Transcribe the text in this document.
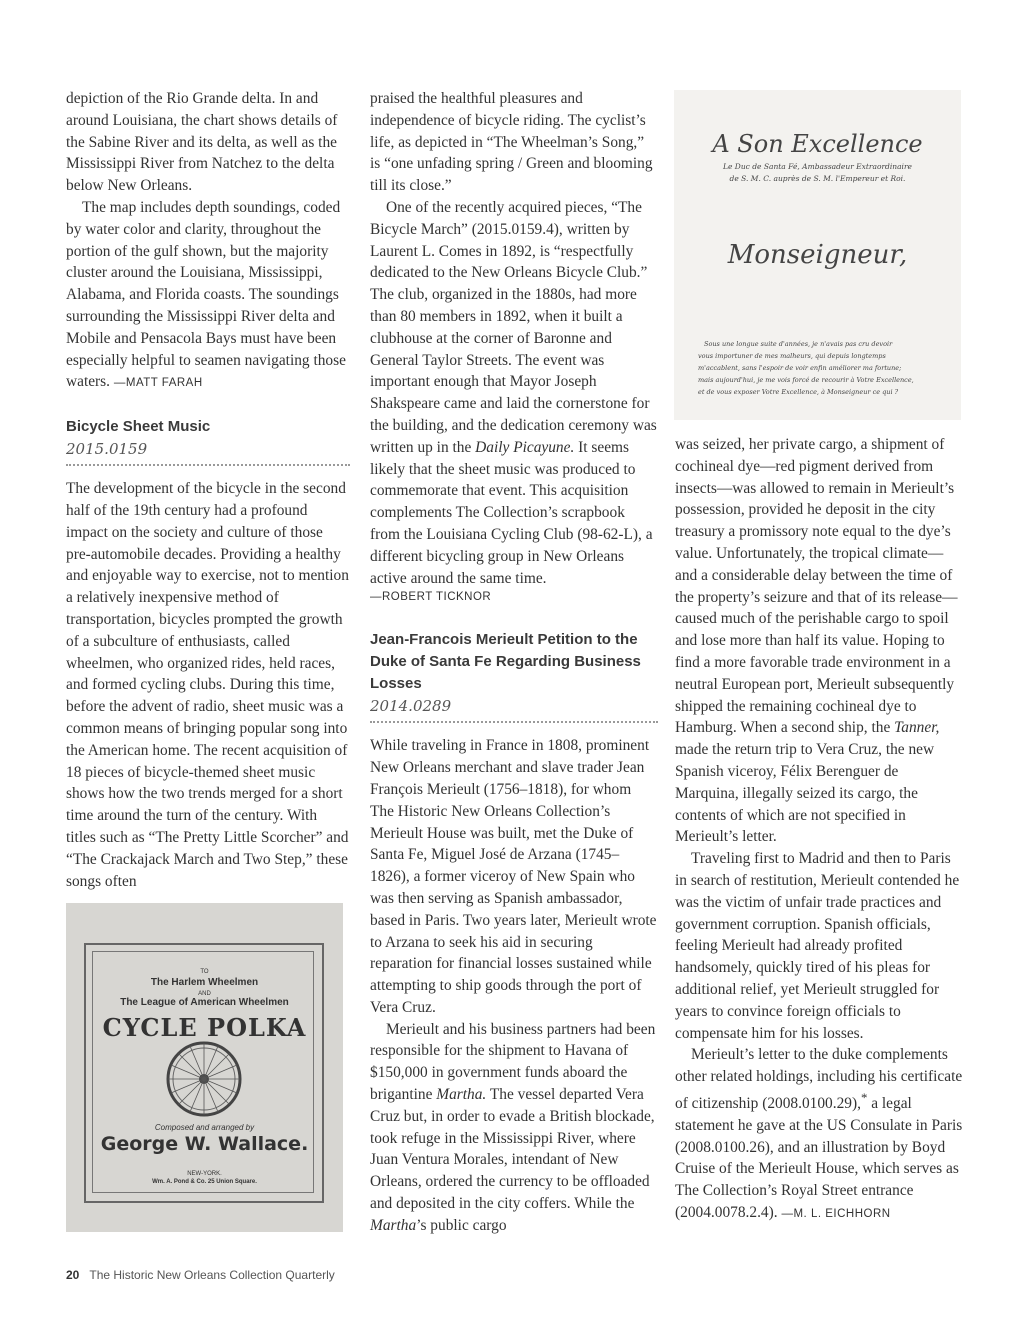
depiction of the Rio Grande delta. In and around Louisiana, the chart shows details of the Sabine River and its delta, as well as the Mississippi River from Natchez to the delta below New Orleans.

The map includes depth soundings, coded by water color and clarity, throughout the portion of the gulf shown, but the majority cluster around the Louisiana, Mississippi, Alabama, and Florida coasts. The soundings surrounding the Mississippi River delta and Mobile and Pensacola Bays must have been especially helpful to seamen navigating those waters. —MATT FARAH

Bicycle Sheet Music

2015.0159

The development of the bicycle in the second half of the 19th century had a profound impact on the society and culture of those pre-automobile decades. Providing a healthy and enjoyable way to exercise, not to mention a relatively inexpensive method of transportation, bicycles prompted the growth of a subculture of enthusiasts, called wheelmen, who organized rides, held races, and formed cycling clubs. During this time, before the advent of radio, sheet music was a common means of bringing popular song into the American home. The recent acquisition of 18 pieces of bicycle-themed sheet music shows how the two trends merged for a short time around the turn of the century. With titles such as “The Pretty Little Scorcher” and “The Crackajack March and Two Step,” these songs often

TO
The Harlem Wheelmen
AND
The League of American Wheelmen
CYCLE POLKA
Composed and arranged by
George W. Wallace.
NEW-YORK.
Wm. A. Pond & Co. 25 Union Square.

praised the healthful pleasures and independence of bicycle riding. The cyclist’s life, as depicted in “The Wheelman’s Song,” is “one unfading spring / Green and blooming till its close.”

One of the recently acquired pieces, “The Bicycle March” (2015.0159.4), written by Laurent L. Comes in 1892, is “respectfully dedicated to the New Orleans Bicycle Club.” The club, organized in the 1880s, had more than 80 members in 1892, when it built a clubhouse at the corner of Baronne and General Taylor Streets. The event was important enough that Mayor Joseph Shakspeare came and laid the cornerstone for the building, and the dedication ceremony was written up in the Daily Picayune. It seems likely that the sheet music was produced to commemorate that event. This acquisition complements The Collection’s scrapbook from the Louisiana Cycling Club (98-62-L), a different bicycling group in New Orleans active around the same time.

—ROBERT TICKNOR

Jean-Francois Merieult Petition to the Duke of Santa Fe Regarding Business Losses

2014.0289

While traveling in France in 1808, prominent New Orleans merchant and slave trader Jean François Merieult (1756–1818), for whom The Historic New Orleans Collection’s Merieult House was built, met the Duke of Santa Fe, Miguel José de Arzana (1745–1826), a former viceroy of New Spain who was then serving as Spanish ambassador, based in Paris. Two years later, Merieult wrote to Arzana to seek his aid in securing reparation for financial losses sustained while attempting to ship goods through the port of Vera Cruz.

Merieult and his business partners had been responsible for the shipment to Havana of $150,000 in government funds aboard the brigantine Martha. The vessel departed Vera Cruz but, in order to evade a British blockade, took refuge in the Mississippi River, where Juan Ventura Morales, intendant of New Orleans, ordered the currency to be offloaded and deposited in the city coffers. While the Martha’s public cargo

A Son Excellence
Le Duc de Santa Fé, Ambassadeur Extraordinaire
de S. M. C. auprès de S. M. l'Empereur et Roi.
Monseigneur,
Sous une longue suite d'années, je n'avais pas cru devoir
vous importuner de mes malheurs, qui depuis longtemps
m'accablent, sans l'espoir de voir enfin améliorer ma fortune;
mais aujourd'hui, je me vois forcé de recourir à Votre Excellence,
et de vous exposer Votre Excellence, à Monseigneur ce qui ?

was seized, her private cargo, a shipment of cochineal dye—red pigment derived from insects—was allowed to remain in Merieult’s possession, provided he deposit in the city treasury a promissory note equal to the dye’s value. Unfortunately, the tropical climate—and a considerable delay between the time of the property’s seizure and that of its release—caused much of the perishable cargo to spoil and lose more than half its value. Hoping to find a more favorable trade environment in a neutral European port, Merieult subsequently shipped the remaining cochineal dye to Hamburg. When a second ship, the Tanner, made the return trip to Vera Cruz, the new Spanish viceroy, Félix Berenguer de Marquina, illegally seized its cargo, the contents of which are not specified in Merieult’s letter.

Traveling first to Madrid and then to Paris in search of restitution, Merieult contended he was the victim of unfair trade practices and government corruption. Spanish officials, feeling Merieult had already profited handsomely, quickly tired of his pleas for additional relief, yet Merieult struggled for years to convince foreign officials to compensate him for his losses.

Merieult’s letter to the duke complements other related holdings, including his certificate of citizenship (2008.0100.29),* a legal statement he gave at the US Consulate in Paris (2008.0100.26), and an illustration by Boyd Cruise of the Merieult House, which serves as The Collection’s Royal Street entrance (2004.0078.2.4). —M. L. EICHHORN

20 The Historic New Orleans Collection Quarterly
